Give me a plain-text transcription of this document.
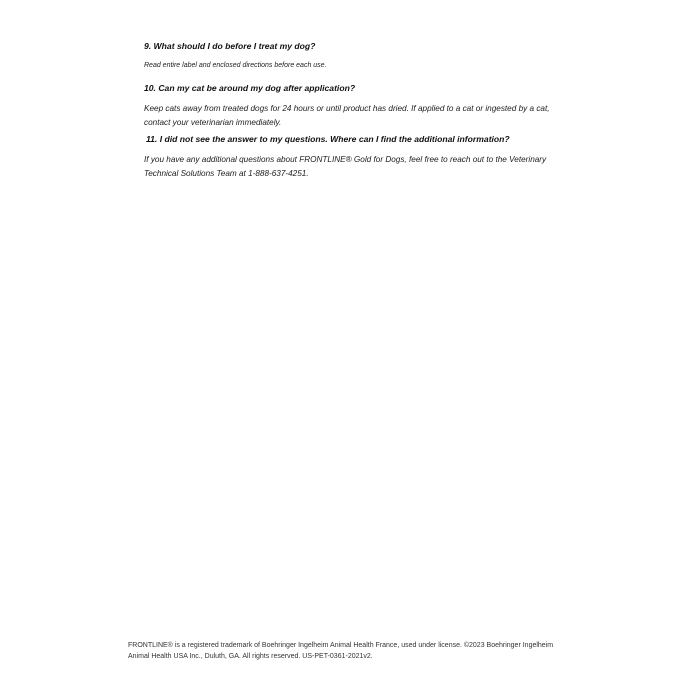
9. What should I do before I treat my dog?

Read entire label and enclosed directions before each use.

10. Can my cat be around my dog after application?

Keep cats away from treated dogs for 24 hours or until product has dried. If applied to a cat or ingested by a cat, contact your veterinarian immediately.

11. I did not see the answer to my questions. Where can I find the additional information?

If you have any additional questions about FRONTLINE® Gold for Dogs, feel free to reach out to the Veterinary Technical Solutions Team at 1-888-637-4251.

FRONTLINE® is a registered trademark of Boehringer Ingelheim Animal Health France, used under license. ©2023 Boehringer Ingelheim Animal Health USA Inc., Duluth, GA. All rights reserved. US-PET-0361-2021v2.
